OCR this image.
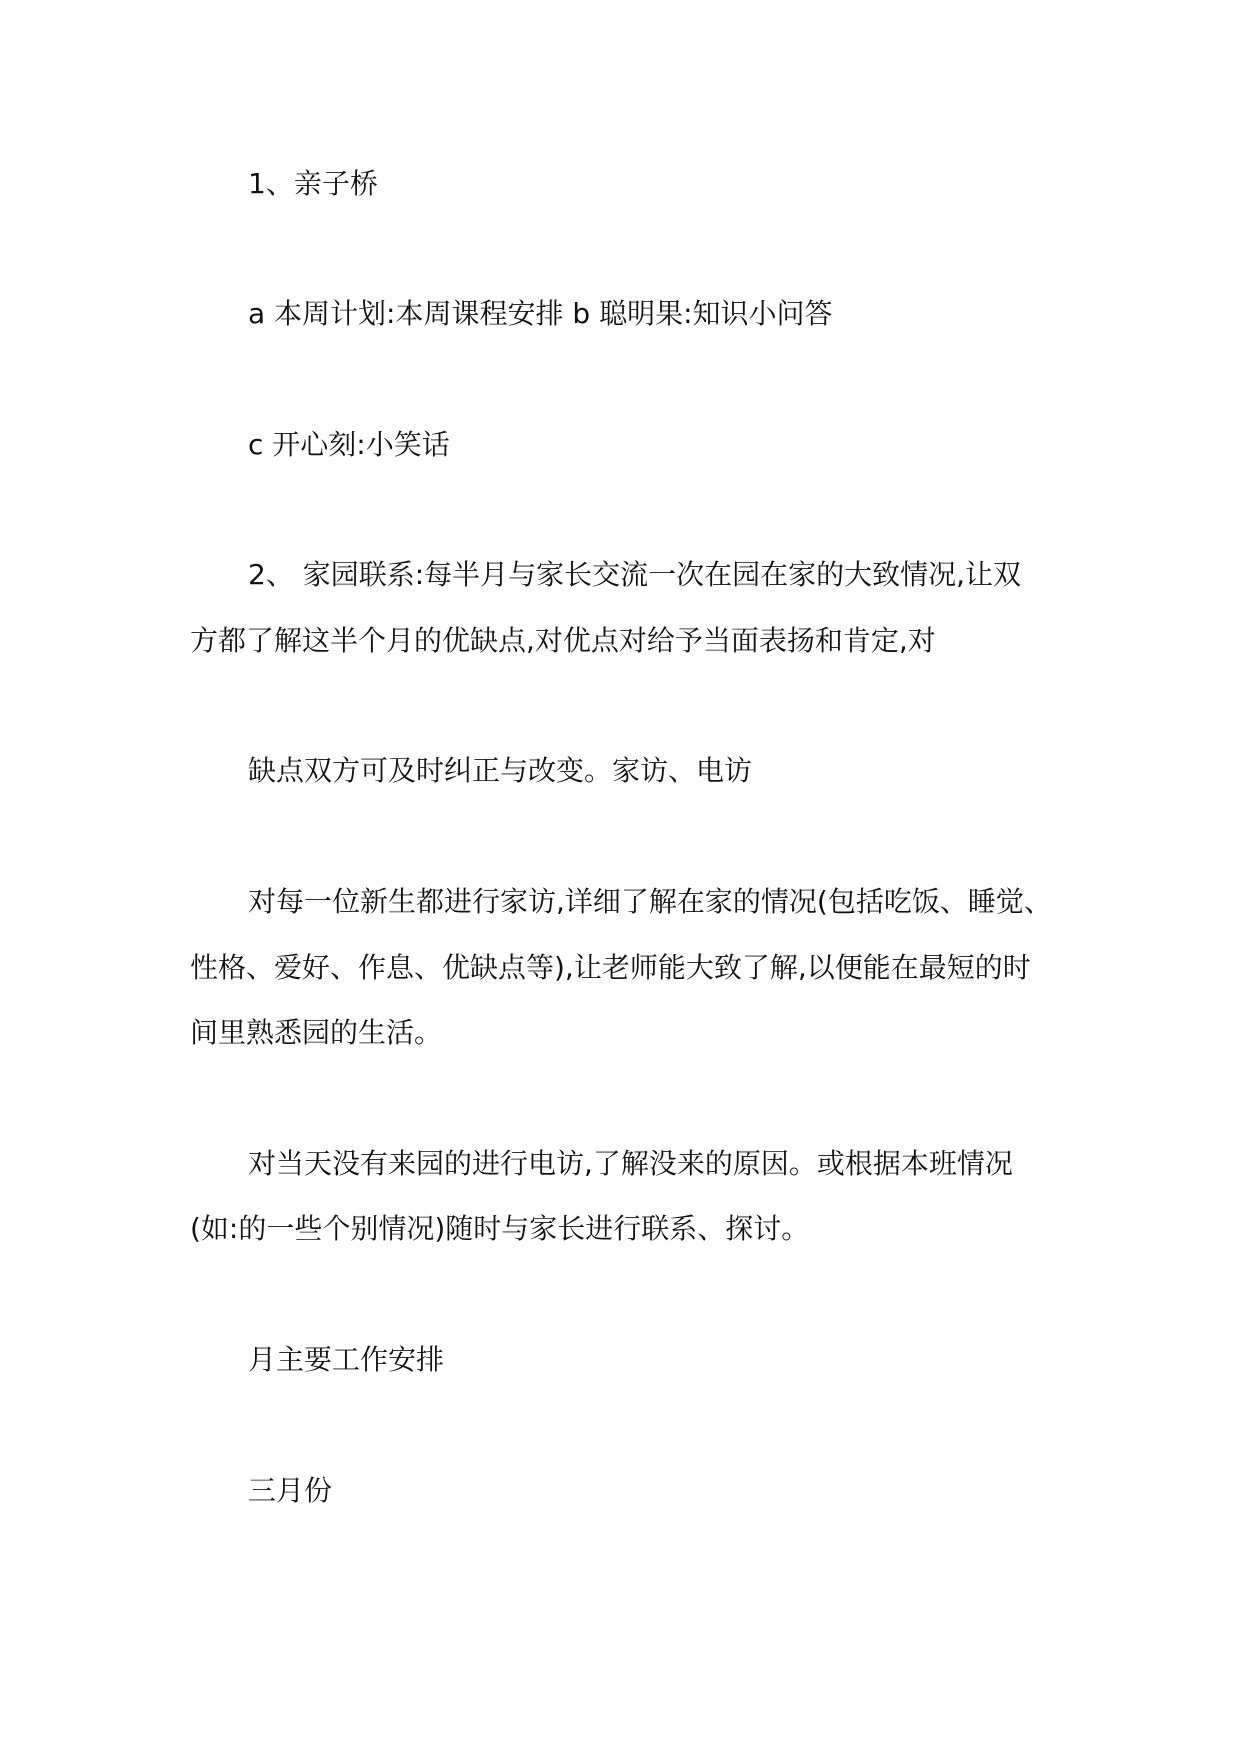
1、亲子桥
a 本周计划:本周课程安排 b 聪明果:知识小问答
c 开心刻:小笑话
2、 家园联系:每半月与家长交流一次在园在家的大致情况,让双
方都了解这半个月的优缺点,对优点对给予当面表扬和肯定,对
缺点双方可及时纠正与改变。家访、电访
对每一位新生都进行家访,详细了解在家的情况(包括吃饭、睡觉、
性格、爱好、作息、优缺点等),让老师能大致了解,以便能在最短的时
间里熟悉园的生活。
对当天没有来园的进行电访,了解没来的原因。或根据本班情况
(如:的一些个别情况)随时与家长进行联系、探讨。
月主要工作安排
三月份
